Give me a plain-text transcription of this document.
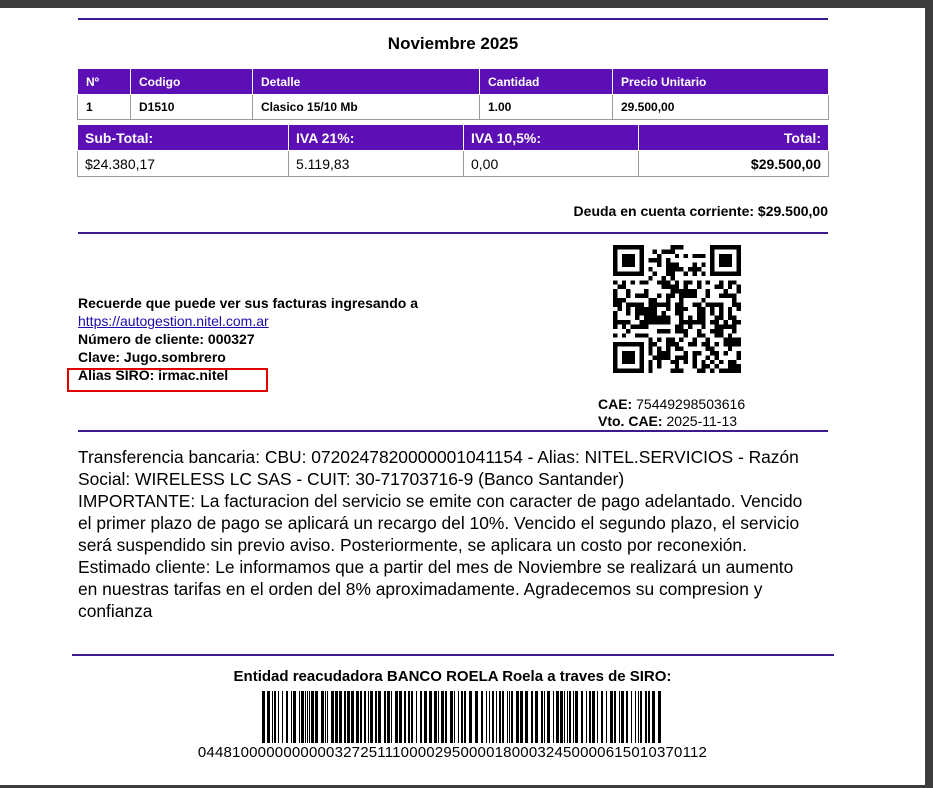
Noviembre 2025
Nº	Codigo	Detalle	Cantidad	Precio Unitario
1	D1510	Clasico 15/10 Mb	1.00	29.500,00
Sub-Total:	IVA 21%:	IVA 10,5%:	Total:
$24.380,17	5.119,83	0,00	$29.500,00
Deuda en cuenta corriente: $29.500,00
Recuerde que puede ver sus facturas ingresando a
https://autogestion.nitel.com.ar
Número de cliente: 000327
Clave: Jugo.sombrero
Alias SIRO: irmac.nitel
CAE: 75449298503616
Vto. CAE: 2025-11-13

Transferencia bancaria: CBU: 0720247820000001041154 - Alias: NITEL.SERVICIOS - Razón Social: WIRELESS LC SAS - CUIT: 30-71703716-9 (Banco Santander)

IMPORTANTE: La facturacion del servicio se emite con caracter de pago adelantado. Vencido el primer plazo de pago se aplicará un recargo del 10%. Vencido el segundo plazo, el servicio será suspendido sin previo aviso. Posteriormente, se aplicara un costo por reconexión.

Estimado cliente: Le informamos que a partir del mes de Noviembre se realizará un aumento en nuestras tarifas en el orden del 8% aproximadamente. Agradecemos su compresion y confianza

Entidad reacudadora BANCO ROELA Roela a traves de SIRO:
0448100000000000327251110000295000018000324500006150103701​12
